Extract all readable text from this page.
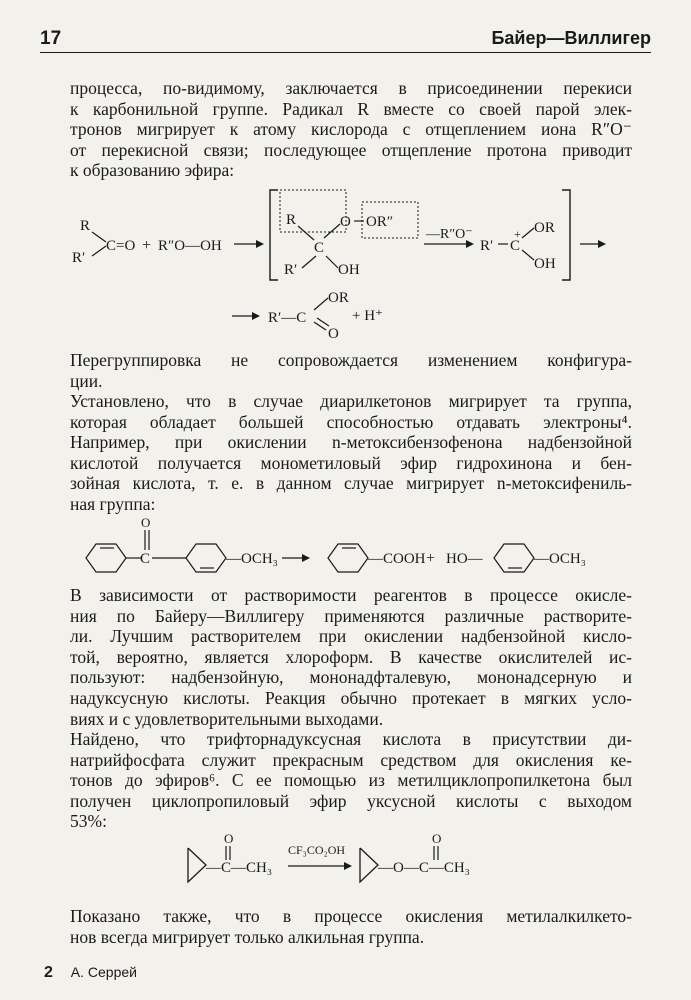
17	Байер—Виллигер
процесса, по-видимому, заключается в присоединении перекиси
к карбонильной группе. Радикал R вместе со своей парой элек-
тронов мигрирует к атому кислорода с отщеплением иона R″O⁻
от перекисной связи; последующее отщепление протона приводит
к образованию эфира:
R
R′
C=O + R″O—OH
R
C
O OR″
R′	OH
—R″O⁻
R′
+
C
OR
OH
R′—C
OR
O
+ H⁺
Перегруппировка не сопровождается изменением конфигура-
ции.
Установлено, что в случае диарилкетонов мигрирует та группа,
которая обладает большей способностью отдавать электроны⁴.
Например, при окислении n-метоксибензофенона надбензойной
кислотой получается монометиловый эфир гидрохинона и бен-
зойная кислота, т. е. в данном случае мигрирует n-метоксифениль-
ная группа:
C
O
—OCH₃	—COOH + HO—	—OCH₃
В зависимости от растворимости реагентов в процессе окисле-
ния по Байеру—Виллигеру применяются различные растворите-
ли. Лучшим растворителем при окислении надбензойной кисло-
той, вероятно, является хлороформ. В качестве окислителей ис-
пользуют: надбензойную, мононадфталевую, мононадсерную и
надуксусную кислоты. Реакция обычно протекает в мягких усло-
виях и с удовлетворительными выходами.
Найдено, что трифторнадуксусная кислота в присутствии ди-
натрийфосфата служит прекрасным средством для окисления ке-
тонов до эфиров⁶. С ее помощью из метилциклопропилкетона был
получен циклопропиловый эфир уксусной кислоты с выходом
53%:
O
—C—CH₃
CF₃CO₂OH
O
—O—C—CH₃
Показано также, что в процессе окисления метилалкилкето-
нов всегда мигрирует только алкильная группа.
2 А. Серрей
